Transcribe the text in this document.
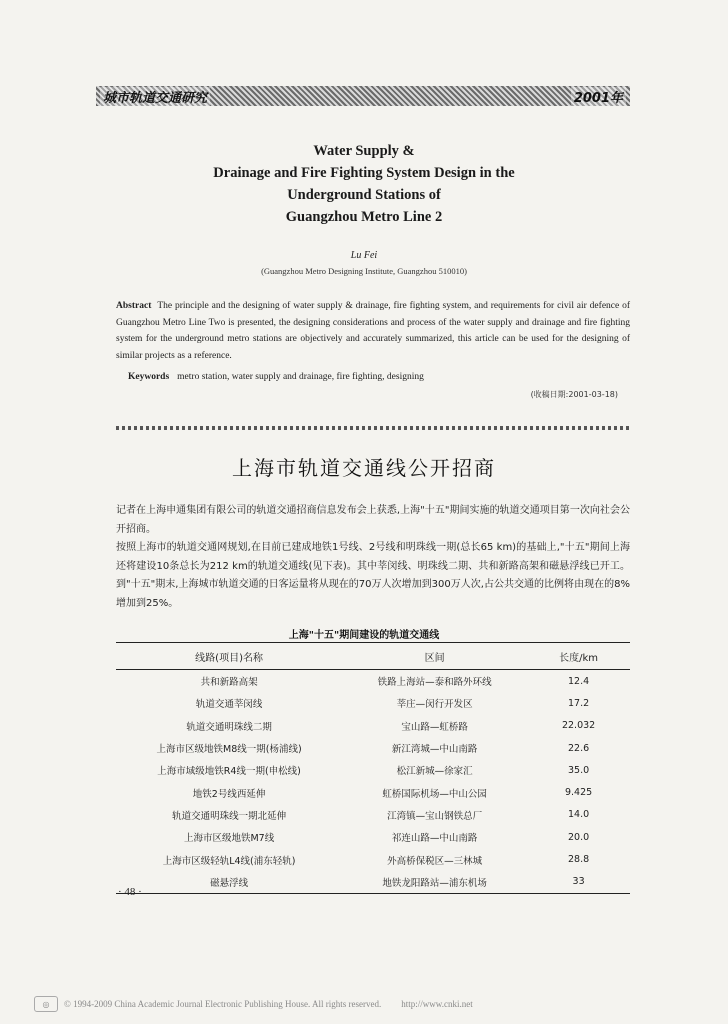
城市轨道交通研究	2001年
Water Supply &
Drainage and Fire Fighting System Design in the
Underground Stations of
Guangzhou Metro Line 2
Lu Fei
(Guangzhou Metro Designing Institute, Guangzhou 510010)
Abstract The principle and the designing of water supply & drainage, fire fighting system, and requirements for civil air defence of Guangzhou Metro Line Two is presented, the designing considerations and process of the water supply and drainage and fire fighting system for the underground metro stations are objectively and accurately summarized, this article can be used for the designing of similar projects as a reference.
Keywords metro station, water supply and drainage, fire fighting, designing
(收稿日期:2001-03-18)
上海市轨道交通线公开招商
记者在上海申通集团有限公司的轨道交通招商信息发布会上获悉,上海"十五"期间实施的轨道交通项目第一次向社会公开招商。
按照上海市的轨道交通网规划,在目前已建成地铁1号线、2号线和明珠线一期(总长65 km)的基础上,"十五"期间上海还将建设10条总长为212 km的轨道交通线(见下表)。其中莘闵线、明珠线二期、共和新路高架和磁悬浮线已开工。到"十五"期末,上海城市轨道交通的日客运量将从现在的70万人次增加到300万人次,占公共交通的比例将由现在的8%增加到25%。
上海"十五"期间建设的轨道交通线
线路(项目)名称	区间	长度/km
共和新路高架	铁路上海站—泰和路外环线	12.4
轨道交通莘闵线	莘庄—闵行开发区	17.2
轨道交通明珠线二期	宝山路—虹桥路	22.032
上海市区级地铁M8线一期(杨浦线)	新江湾城—中山南路	22.6
上海市域级地铁R4线一期(申松线)	松江新城—徐家汇	35.0
地铁2号线西延伸	虹桥国际机场—中山公园	9.425
轨道交通明珠线一期北延伸	江湾镇—宝山钢铁总厂	14.0
上海市区级地铁M7线	祁连山路—中山南路	20.0
上海市区级轻轨L4线(浦东轻轨)	外高桥保税区—三林城	28.8
磁悬浮线	地铁龙阳路站—浦东机场	33
· 48 ·
◎	© 1994-2009 China Academic Journal Electronic Publishing House. All rights reserved. http://www.cnki.net
